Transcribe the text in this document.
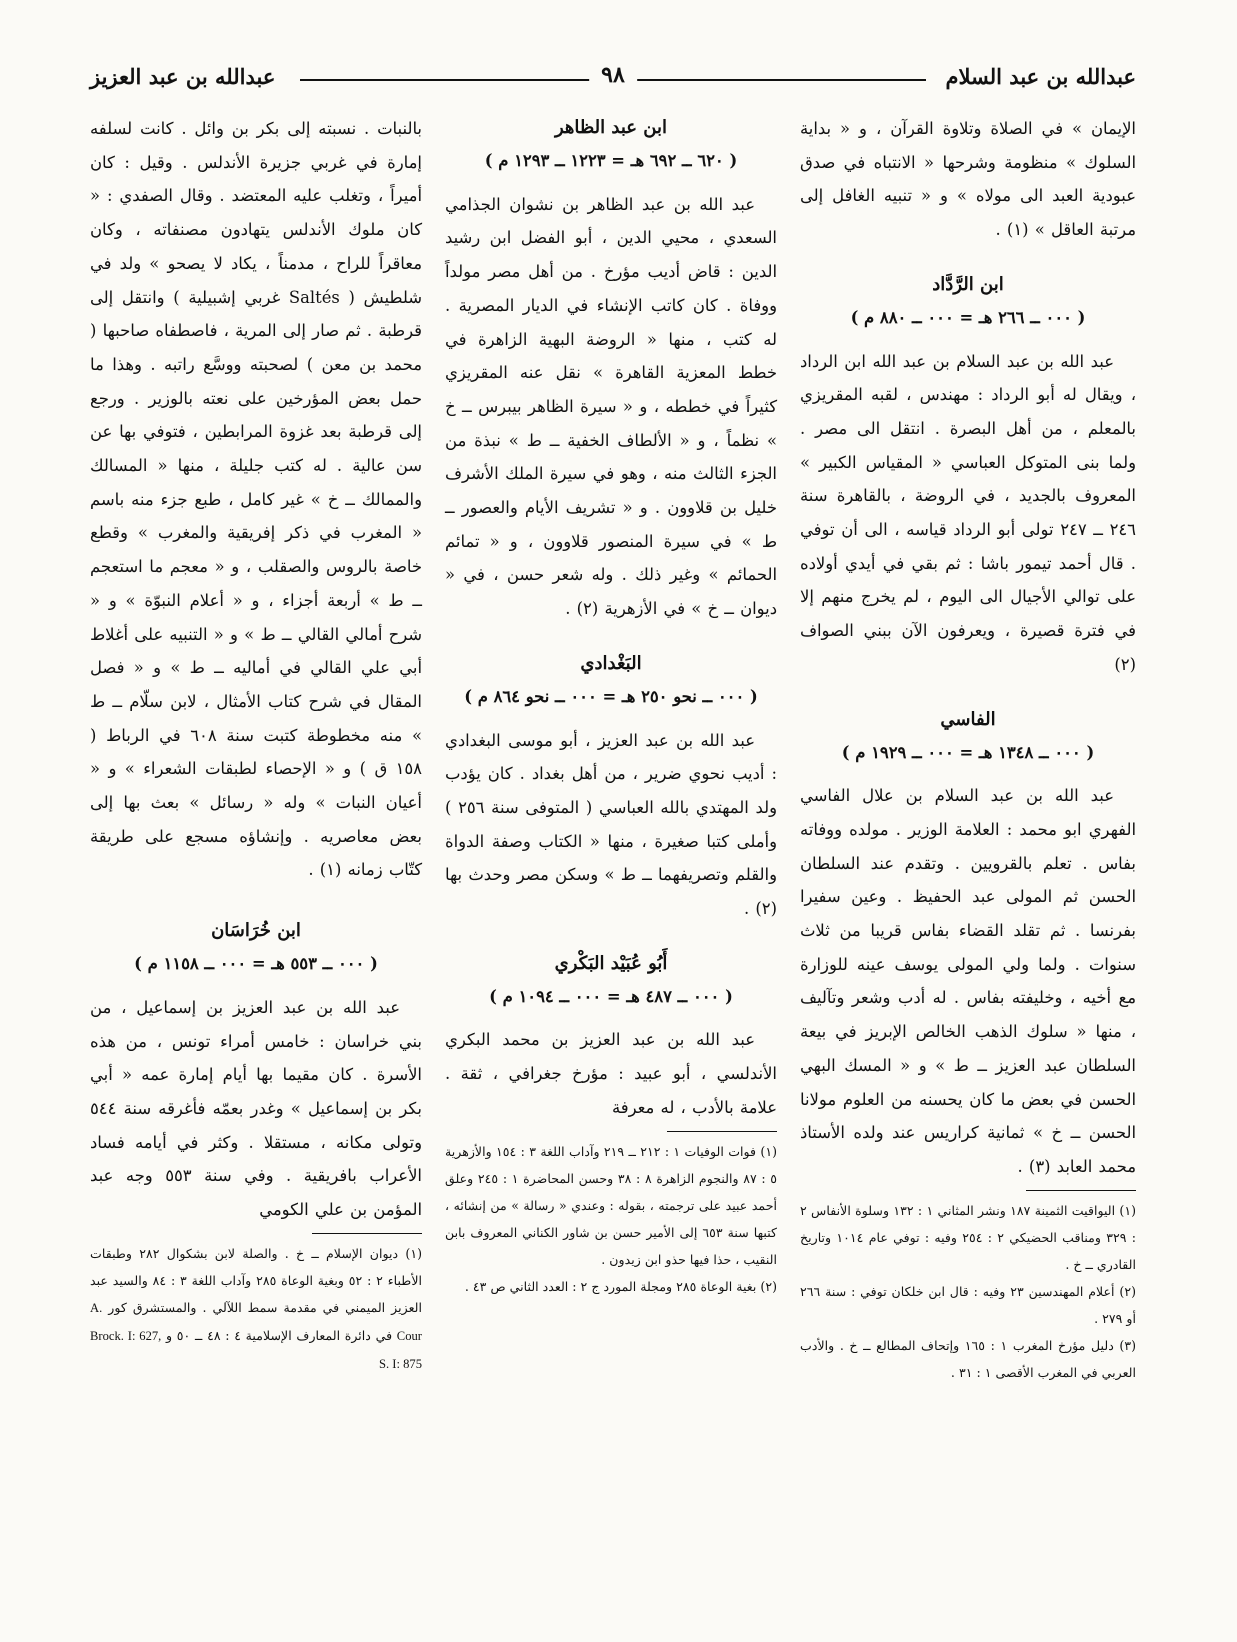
عبدالله بن عبد السلام
٩٨
عبدالله بن عبد العزيز

الإيمان » في الصلاة وتلاوة القرآن ، و « بداية السلوك » منظومة وشرحها « الانتباه في صدق عبودية العبد الى مولاه » و « تنبيه الغافل إلى مرتبة العاقل » (١) .

ابن الرَّدَّاد

( ٠٠٠ ــ ٢٦٦ هـ = ٠٠٠ ــ ٨٨٠ م )

عبد الله بن عبد السلام بن عبد الله ابن الرداد ، ويقال له أبو الرداد : مهندس ، لقبه المقريزي بالمعلم ، من أهل البصرة . انتقل الى مصر . ولما بنى المتوكل العباسي « المقياس الكبير » المعروف بالجديد ، في الروضة ، بالقاهرة سنة ٢٤٦ ــ ٢٤٧ تولى أبو الرداد قياسه ، الى أن توفي . قال أحمد تيمور باشا : ثم بقي في أيدي أولاده على توالي الأجيال الى اليوم ، لم يخرج منهم إلا في فترة قصيرة ، ويعرفون الآن ببني الصواف (٢)

الفاسي

( ٠٠٠ ــ ١٣٤٨ هـ = ٠٠٠ ــ ١٩٢٩ م )

عبد الله بن عبد السلام بن علال الفاسي الفهري ابو محمد : العلامة الوزير . مولده ووفاته بفاس . تعلم بالقرويين . وتقدم عند السلطان الحسن ثم المولى عبد الحفيظ . وعين سفيرا بفرنسا . ثم تقلد القضاء بفاس قريبا من ثلاث سنوات . ولما ولي المولى يوسف عينه للوزارة مع أخيه ، وخليفته بفاس . له أدب وشعر وتآليف ، منها « سلوك الذهب الخالص الإبريز في بيعة السلطان عبد العزيز ــ ط » و « المسك البهي الحسن في بعض ما كان يحسنه من العلوم مولانا الحسن ــ خ » ثمانية كراريس عند ولده الأستاذ محمد العابد (٣) .

(١) اليواقيت الثمينة ١٨٧ ونشر المثاني ١ : ١٣٢ وسلوة الأنفاس ٢ : ٣٢٩ ومناقب الحضيكي ٢ : ٢٥٤ وفيه : توفي عام ١٠١٤ وتاريخ القادري ــ خ .

(٢) أعلام المهندسين ٢٣ وفيه : قال ابن خلكان توفي : سنة ٢٦٦ أو ٢٧٩ .

(٣) دليل مؤرخ المغرب ١ : ١٦٥ وإتحاف المطالع ــ خ . والأدب العربي في المغرب الأقصى ١ : ٣١ .

ابن عبد الظاهر

( ٦٢٠ ــ ٦٩٢ هـ = ١٢٢٣ ــ ١٢٩٣ م )

عبد الله بن عبد الظاهر بن نشوان الجذامي السعدي ، محيي الدين ، أبو الفضل ابن رشيد الدين : قاض أديب مؤرخ . من أهل مصر مولداً ووفاة . كان كاتب الإنشاء في الديار المصرية . له كتب ، منها « الروضة البهية الزاهرة في خطط المعزية القاهرة » نقل عنه المقريزي كثيراً في خططه ، و « سيرة الظاهر بيبرس ــ خ » نظماً ، و « الألطاف الخفية ــ ط » نبذة من الجزء الثالث منه ، وهو في سيرة الملك الأشرف خليل بن قلاوون . و « تشريف الأيام والعصور ــ ط » في سيرة المنصور قلاوون ، و « تمائم الحمائم » وغير ذلك . وله شعر حسن ، في « ديوان ــ خ » في الأزهرية (٢) .

البَغْدادي

( ٠٠٠ ــ نحو ٢٥٠ هـ = ٠٠٠ ــ نحو ٨٦٤ م )

عبد الله بن عبد العزيز ، أبو موسى البغدادي : أديب نحوي ضرير ، من أهل بغداد . كان يؤدب ولد المهتدي بالله العباسي ( المتوفى سنة ٢٥٦ ) وأملى كتبا صغيرة ، منها « الكتاب وصفة الدواة والقلم وتصريفهما ــ ط » وسكن مصر وحدث بها (٢) .

أَبُو عُبَيْد البَكْري

( ٠٠٠ ــ ٤٨٧ هـ = ٠٠٠ ــ ١٠٩٤ م )

عبد الله بن عبد العزيز بن محمد البكري الأندلسي ، أبو عبيد : مؤرخ جغرافي ، ثقة . علامة بالأدب ، له معرفة

(١) فوات الوفيات ١ : ٢١٢ ــ ٢١٩ وآداب اللغة ٣ : ١٥٤ والأزهرية ٥ : ٨٧ والنجوم الزاهرة ٨ : ٣٨ وحسن المحاضرة ١ : ٢٤٥ وعلق أحمد عبيد على ترجمته ، بقوله : وعندي « رسالة » من إنشائه ، كتبها سنة ٦٥٣ إلى الأمير حسن بن شاور الكناني المعروف بابن النقيب ، حذا فيها حذو ابن زيدون .

(٢) بغية الوعاة ٢٨٥ ومجلة المورد ج ٢ : العدد الثاني ص ٤٣ .

بالنبات . نسبته إلى بكر بن وائل . كانت لسلفه إمارة في غربي جزيرة الأندلس . وقيل : كان أميراً ، وتغلب عليه المعتضد . وقال الصفدي : « كان ملوك الأندلس يتهادون مصنفاته ، وكان معاقراً للراح ، مدمناً ، يكاد لا يصحو » ولد في شلطيش ( Saltés غربي إشبيلية ) وانتقل إلى قرطبة . ثم صار إلى المرية ، فاصطفاه صاحبها ( محمد بن معن ) لصحبته ووسَّع راتبه . وهذا ما حمل بعض المؤرخين على نعته بالوزير . ورجع إلى قرطبة بعد غزوة المرابطين ، فتوفي بها عن سن عالية . له كتب جليلة ، منها « المسالك والممالك ــ خ » غير كامل ، طبع جزء منه باسم « المغرب في ذكر إفريقية والمغرب » وقطع خاصة بالروس والصقلب ، و « معجم ما استعجم ــ ط » أربعة أجزاء ، و « أعلام النبوّة » و « شرح أمالي القالي ــ ط » و « التنبيه على أغلاط أبي علي القالي في أماليه ــ ط » و « فصل المقال في شرح كتاب الأمثال ، لابن سلّام ــ ط » منه مخطوطة كتبت سنة ٦٠٨ في الرباط ( ١٥٨ ق ) و « الإحصاء لطبقات الشعراء » و « أعيان النبات » وله « رسائل » بعث بها إلى بعض معاصريه . وإنشاؤه مسجع على طريقة كتّاب زمانه (١) .

ابن خُرَاسَان

( ٠٠٠ ــ ٥٥٣ هـ = ٠٠٠ ــ ١١٥٨ م )

عبد الله بن عبد العزيز بن إسماعيل ، من بني خراسان : خامس أمراء تونس ، من هذه الأسرة . كان مقيما بها أيام إمارة عمه « أبي بكر بن إسماعيل » وغدر بعمّه فأغرقه سنة ٥٤٤ وتولى مكانه ، مستقلا . وكثر في أيامه فساد الأعراب بافريقية . وفي سنة ٥٥٣ وجه عبد المؤمن بن علي الكومي

(١) ديوان الإسلام ــ خ . والصلة لابن بشكوال ٢٨٢ وطبقات الأطباء ٢ : ٥٢ وبغية الوعاة ٢٨٥ وآداب اللغة ٣ : ٨٤ والسيد عبد العزيز الميمني في مقدمة سمط اللآلي . والمستشرق كور A. Cour في دائرة المعارف الإسلامية ٤ : ٤٨ ــ ٥٠ و Brock. I: 627, S. I: 875
